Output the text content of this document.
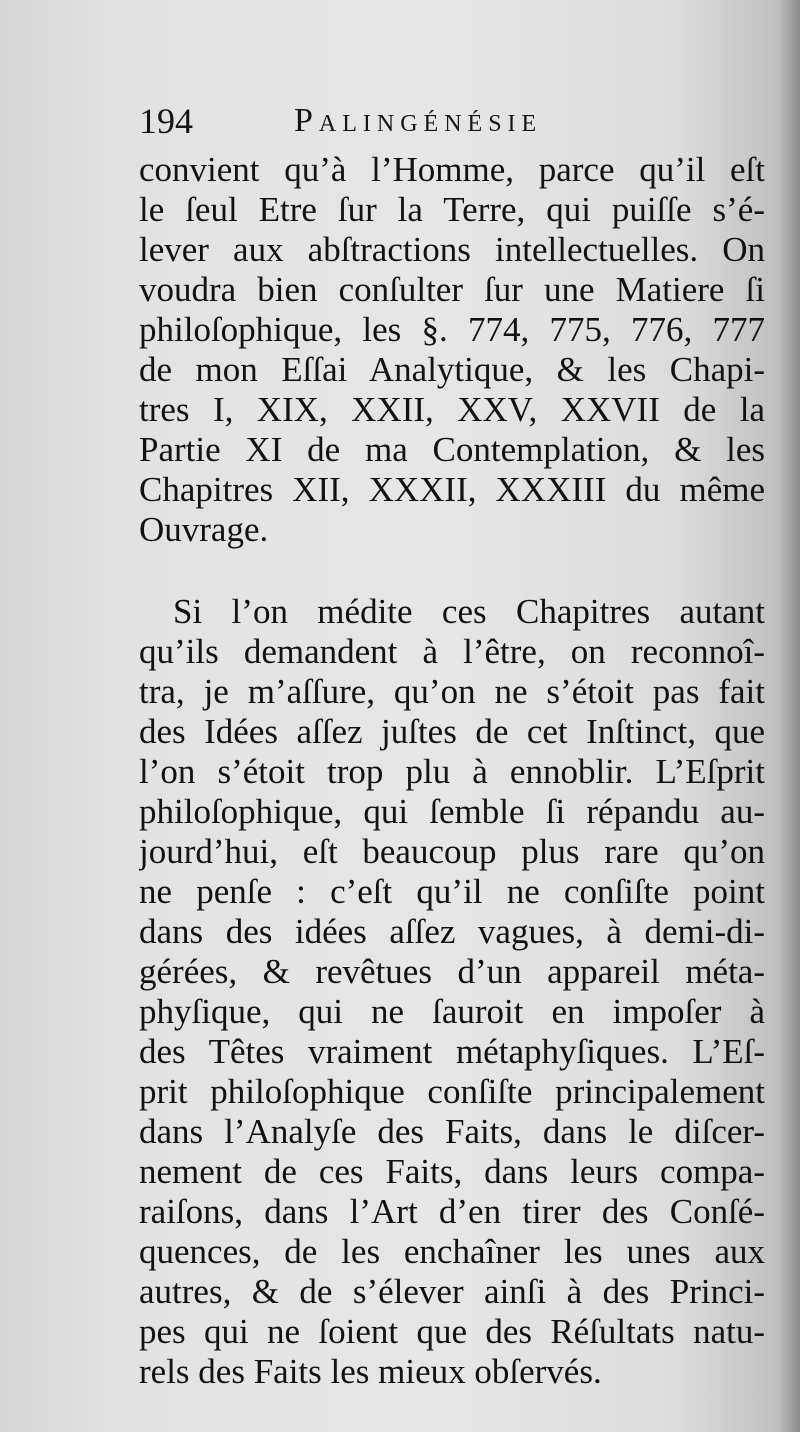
194	Palingénésie
convient qu’à l’Homme, parce qu’il eſt
le ſeul Etre ſur la Terre, qui puiſſe s’é-
lever aux abſtractions intellectuelles. On
voudra bien conſulter ſur une Matiere ſi
philoſophique, les §. 774, 775, 776, 777
de mon Eſſai Analytique, & les Chapi-
tres I, XIX, XXII, XXV, XXVII de la
Partie XI de ma Contemplation, & les
Chapitres XII, XXXII, XXXIII du même
Ouvrage.
Si l’on médite ces Chapitres autant
qu’ils demandent à l’être, on reconnoî-
tra, je m’aſſure, qu’on ne s’étoit pas fait
des Idées aſſez juſtes de cet Inſtinct, que
l’on s’étoit trop plu à ennoblir. L’Eſprit
philoſophique, qui ſemble ſi répandu au-
jourd’hui, eſt beaucoup plus rare qu’on
ne penſe : c’eſt qu’il ne conſiſte point
dans des idées aſſez vagues, à demi-di-
gérées, & revêtues d’un appareil méta-
phyſique, qui ne ſauroit en impoſer à
des Têtes vraiment métaphyſiques. L’Eſ-
prit philoſophique conſiſte principalement
dans l’Analyſe des Faits, dans le diſcer-
nement de ces Faits, dans leurs compa-
raiſons, dans l’Art d’en tirer des Conſé-
quences, de les enchaîner les unes aux
autres, & de s’élever ainſi à des Princi-
pes qui ne ſoient que des Réſultats natu-
rels des Faits les mieux obſervés.
